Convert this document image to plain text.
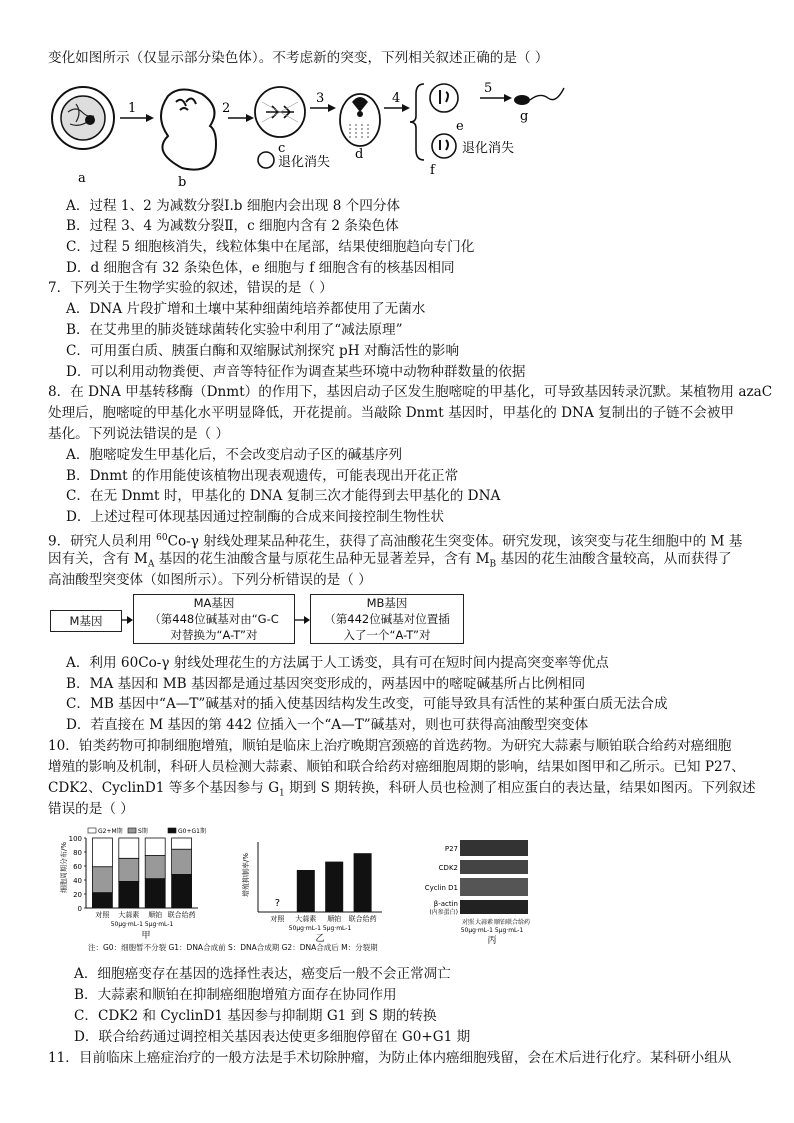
变化如图所示（仅显示部分染色体）。不考虑新的突变，下列相关叙述正确的是（ ）
a	b
c	d
e
f
g
1	2
3	4
5
退化消失
退化消失
A．过程 1、2 为减数分裂Ⅰ.b 细胞内会出现 8 个四分体
B．过程 3、4 为减数分裂Ⅱ，c 细胞内含有 2 条染色体
C．过程 5 细胞核消失，线粒体集中在尾部，结果使细胞趋向专门化
D．d 细胞含有 32 条染色体，e 细胞与 f 细胞含有的核基因相同
7．下列关于生物学实验的叙述，错误的是（ ）
A．DNA 片段扩增和土壤中某种细菌纯培养都使用了无菌水
B．在艾弗里的肺炎链球菌转化实验中利用了“减法原理”
C．可用蛋白质、胰蛋白酶和双缩脲试剂探究 pH 对酶活性的影响
D．可以利用动物粪便、声音等特征作为调查某些环境中动物种群数量的依据
8．在 DNA 甲基转移酶（Dnmt）的作用下，基因启动子区发生胞嘧啶的甲基化，可导致基因转录沉默。某植物用 azaC
处理后，胞嘧啶的甲基化水平明显降低，开花提前。当敲除 Dnmt 基因时，甲基化的 DNA 复制出的子链不会被甲
基化。下列说法错误的是（ ）
A．胞嘧啶发生甲基化后，不会改变启动子区的碱基序列
B．Dnmt 的作用能使该植物出现表观遗传，可能表现出开花正常
C．在无 Dnmt 时，甲基化的 DNA 复制三次才能得到去甲基化的 DNA
D．上述过程可体现基因通过控制酶的合成来间接控制生物性状
9．研究人员利用 $^{60}$Co-γ 射线处理某品种花生，获得了高油酸花生突变体。研究发现，该突变与花生细胞中的 M 基
因有关，含有 $M_A$ 基因的花生油酸含量与原花生品种无显著差异，含有 $M_B$ 基因的花生油酸含量较高，从而获得了
高油酸型突变体（如图所示）。下列分析错误的是（ ）
M基因
MA基因
（第448位碱基对由“G-C
对替换为“A-T”对
MB基因
（第442位碱基对位置插
入了一个“A-T”对
A．利用 60Co-γ 射线处理花生的方法属于人工诱变，具有可在短时间内提高突变率等优点
B．MA 基因和 MB 基因都是通过基因突变形成的，两基因中的嘧啶碱基所占比例相同
C．MB 基因中“A—T”碱基对的插入使基因结构发生改变，可能导致具有活性的某种蛋白质无法合成
D．若直接在 M 基因的第 442 位插入一个“A—T”碱基对，则也可获得高油酸型突变体
10．铂类药物可抑制细胞增殖，顺铂是临床上治疗晚期宫颈癌的首选药物。为研究大蒜素与顺铂联合给药对癌细胞
增殖的影响及机制，科研人员检测大蒜素、顺铂和联合给药对癌细胞周期的影响，结果如图甲和乙所示。已知 P27、
CDK2、CyclinD1 等多个基因参与 $G_1$ 期到 S 期转换，科研人员也检测了相应蛋白的表达量，结果如图丙。下列叙述
错误的是（ ）
0
20
40
60
80
100
细胞周期分布/%
对照 大蒜素 顺铂 联合给药
50μg·mL-1 5μg·mL-1
甲
G2+M期	S期	G0+G1期
增殖抑制率/%
?
对照 大蒜素 顺铂 联合给药
50μg·mL-1 5μg·mL-1
乙
P27
CDK2
Cyclin D1
β-actin
(内参蛋白)
对照 大蒜素 顺铂 联合给药
50μg·mL-1 5μg·mL-1
丙
注：G0：细胞暂不分裂 G1：DNA合成前 S：DNA合成期 G2：DNA合成后 M：分裂期
A．细胞癌变存在基因的选择性表达，癌变后一般不会正常凋亡
B．大蒜素和顺铂在抑制癌细胞增殖方面存在协同作用
C．CDK2 和 CyclinD1 基因参与抑制期 G1 到 S 期的转换
D．联合给药通过调控相关基因表达使更多细胞停留在 G0+G1 期
11．目前临床上癌症治疗的一般方法是手术切除肿瘤，为防止体内癌细胞残留，会在术后进行化疗。某科研小组从
